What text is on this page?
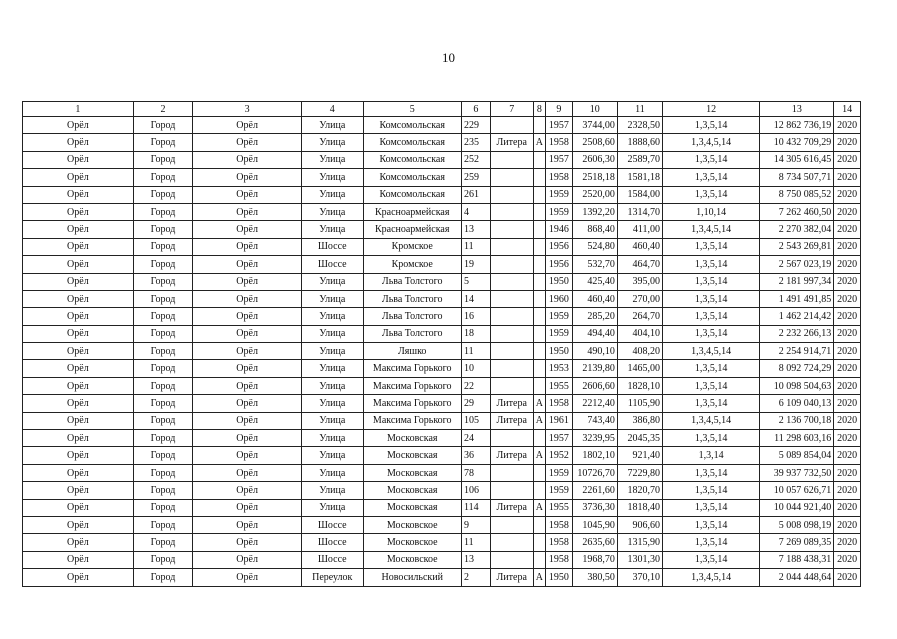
10
1	2	3	4	5	6	7	8	9	10	11	12	13	14
Орёл	Город	Орёл	Улица	Комсомольская	229			1957	3744,00	2328,50	1,3,5,14	12 862 736,19	2020
Орёл	Город	Орёл	Улица	Комсомольская	235	Литера	А	1958	2508,60	1888,60	1,3,4,5,14	10 432 709,29	2020
Орёл	Город	Орёл	Улица	Комсомольская	252			1957	2606,30	2589,70	1,3,5,14	14 305 616,45	2020
Орёл	Город	Орёл	Улица	Комсомольская	259			1958	2518,18	1581,18	1,3,5,14	8 734 507,71	2020
Орёл	Город	Орёл	Улица	Комсомольская	261			1959	2520,00	1584,00	1,3,5,14	8 750 085,52	2020
Орёл	Город	Орёл	Улица	Красноармейская	4			1959	1392,20	1314,70	1,10,14	7 262 460,50	2020
Орёл	Город	Орёл	Улица	Красноармейская	13			1946	868,40	411,00	1,3,4,5,14	2 270 382,04	2020
Орёл	Город	Орёл	Шоссе	Кромское	11			1956	524,80	460,40	1,3,5,14	2 543 269,81	2020
Орёл	Город	Орёл	Шоссе	Кромское	19			1956	532,70	464,70	1,3,5,14	2 567 023,19	2020
Орёл	Город	Орёл	Улица	Льва Толстого	5			1950	425,40	395,00	1,3,5,14	2 181 997,34	2020
Орёл	Город	Орёл	Улица	Льва Толстого	14			1960	460,40	270,00	1,3,5,14	1 491 491,85	2020
Орёл	Город	Орёл	Улица	Льва Толстого	16			1959	285,20	264,70	1,3,5,14	1 462 214,42	2020
Орёл	Город	Орёл	Улица	Льва Толстого	18			1959	494,40	404,10	1,3,5,14	2 232 266,13	2020
Орёл	Город	Орёл	Улица	Ляшко	11			1950	490,10	408,20	1,3,4,5,14	2 254 914,71	2020
Орёл	Город	Орёл	Улица	Максима Горького	10			1953	2139,80	1465,00	1,3,5,14	8 092 724,29	2020
Орёл	Город	Орёл	Улица	Максима Горького	22			1955	2606,60	1828,10	1,3,5,14	10 098 504,63	2020
Орёл	Город	Орёл	Улица	Максима Горького	29	Литера	А	1958	2212,40	1105,90	1,3,5,14	6 109 040,13	2020
Орёл	Город	Орёл	Улица	Максима Горького	105	Литера	А	1961	743,40	386,80	1,3,4,5,14	2 136 700,18	2020
Орёл	Город	Орёл	Улица	Московская	24			1957	3239,95	2045,35	1,3,5,14	11 298 603,16	2020
Орёл	Город	Орёл	Улица	Московская	36	Литера	А	1952	1802,10	921,40	1,3,14	5 089 854,04	2020
Орёл	Город	Орёл	Улица	Московская	78			1959	10726,70	7229,80	1,3,5,14	39 937 732,50	2020
Орёл	Город	Орёл	Улица	Московская	106			1959	2261,60	1820,70	1,3,5,14	10 057 626,71	2020
Орёл	Город	Орёл	Улица	Московская	114	Литера	А	1955	3736,30	1818,40	1,3,5,14	10 044 921,40	2020
Орёл	Город	Орёл	Шоссе	Московское	9			1958	1045,90	906,60	1,3,5,14	5 008 098,19	2020
Орёл	Город	Орёл	Шоссе	Московское	11			1958	2635,60	1315,90	1,3,5,14	7 269 089,35	2020
Орёл	Город	Орёл	Шоссе	Московское	13			1958	1968,70	1301,30	1,3,5,14	7 188 438,31	2020
Орёл	Город	Орёл	Переулок	Новосильский	2	Литера	А	1950	380,50	370,10	1,3,4,5,14	2 044 448,64	2020
